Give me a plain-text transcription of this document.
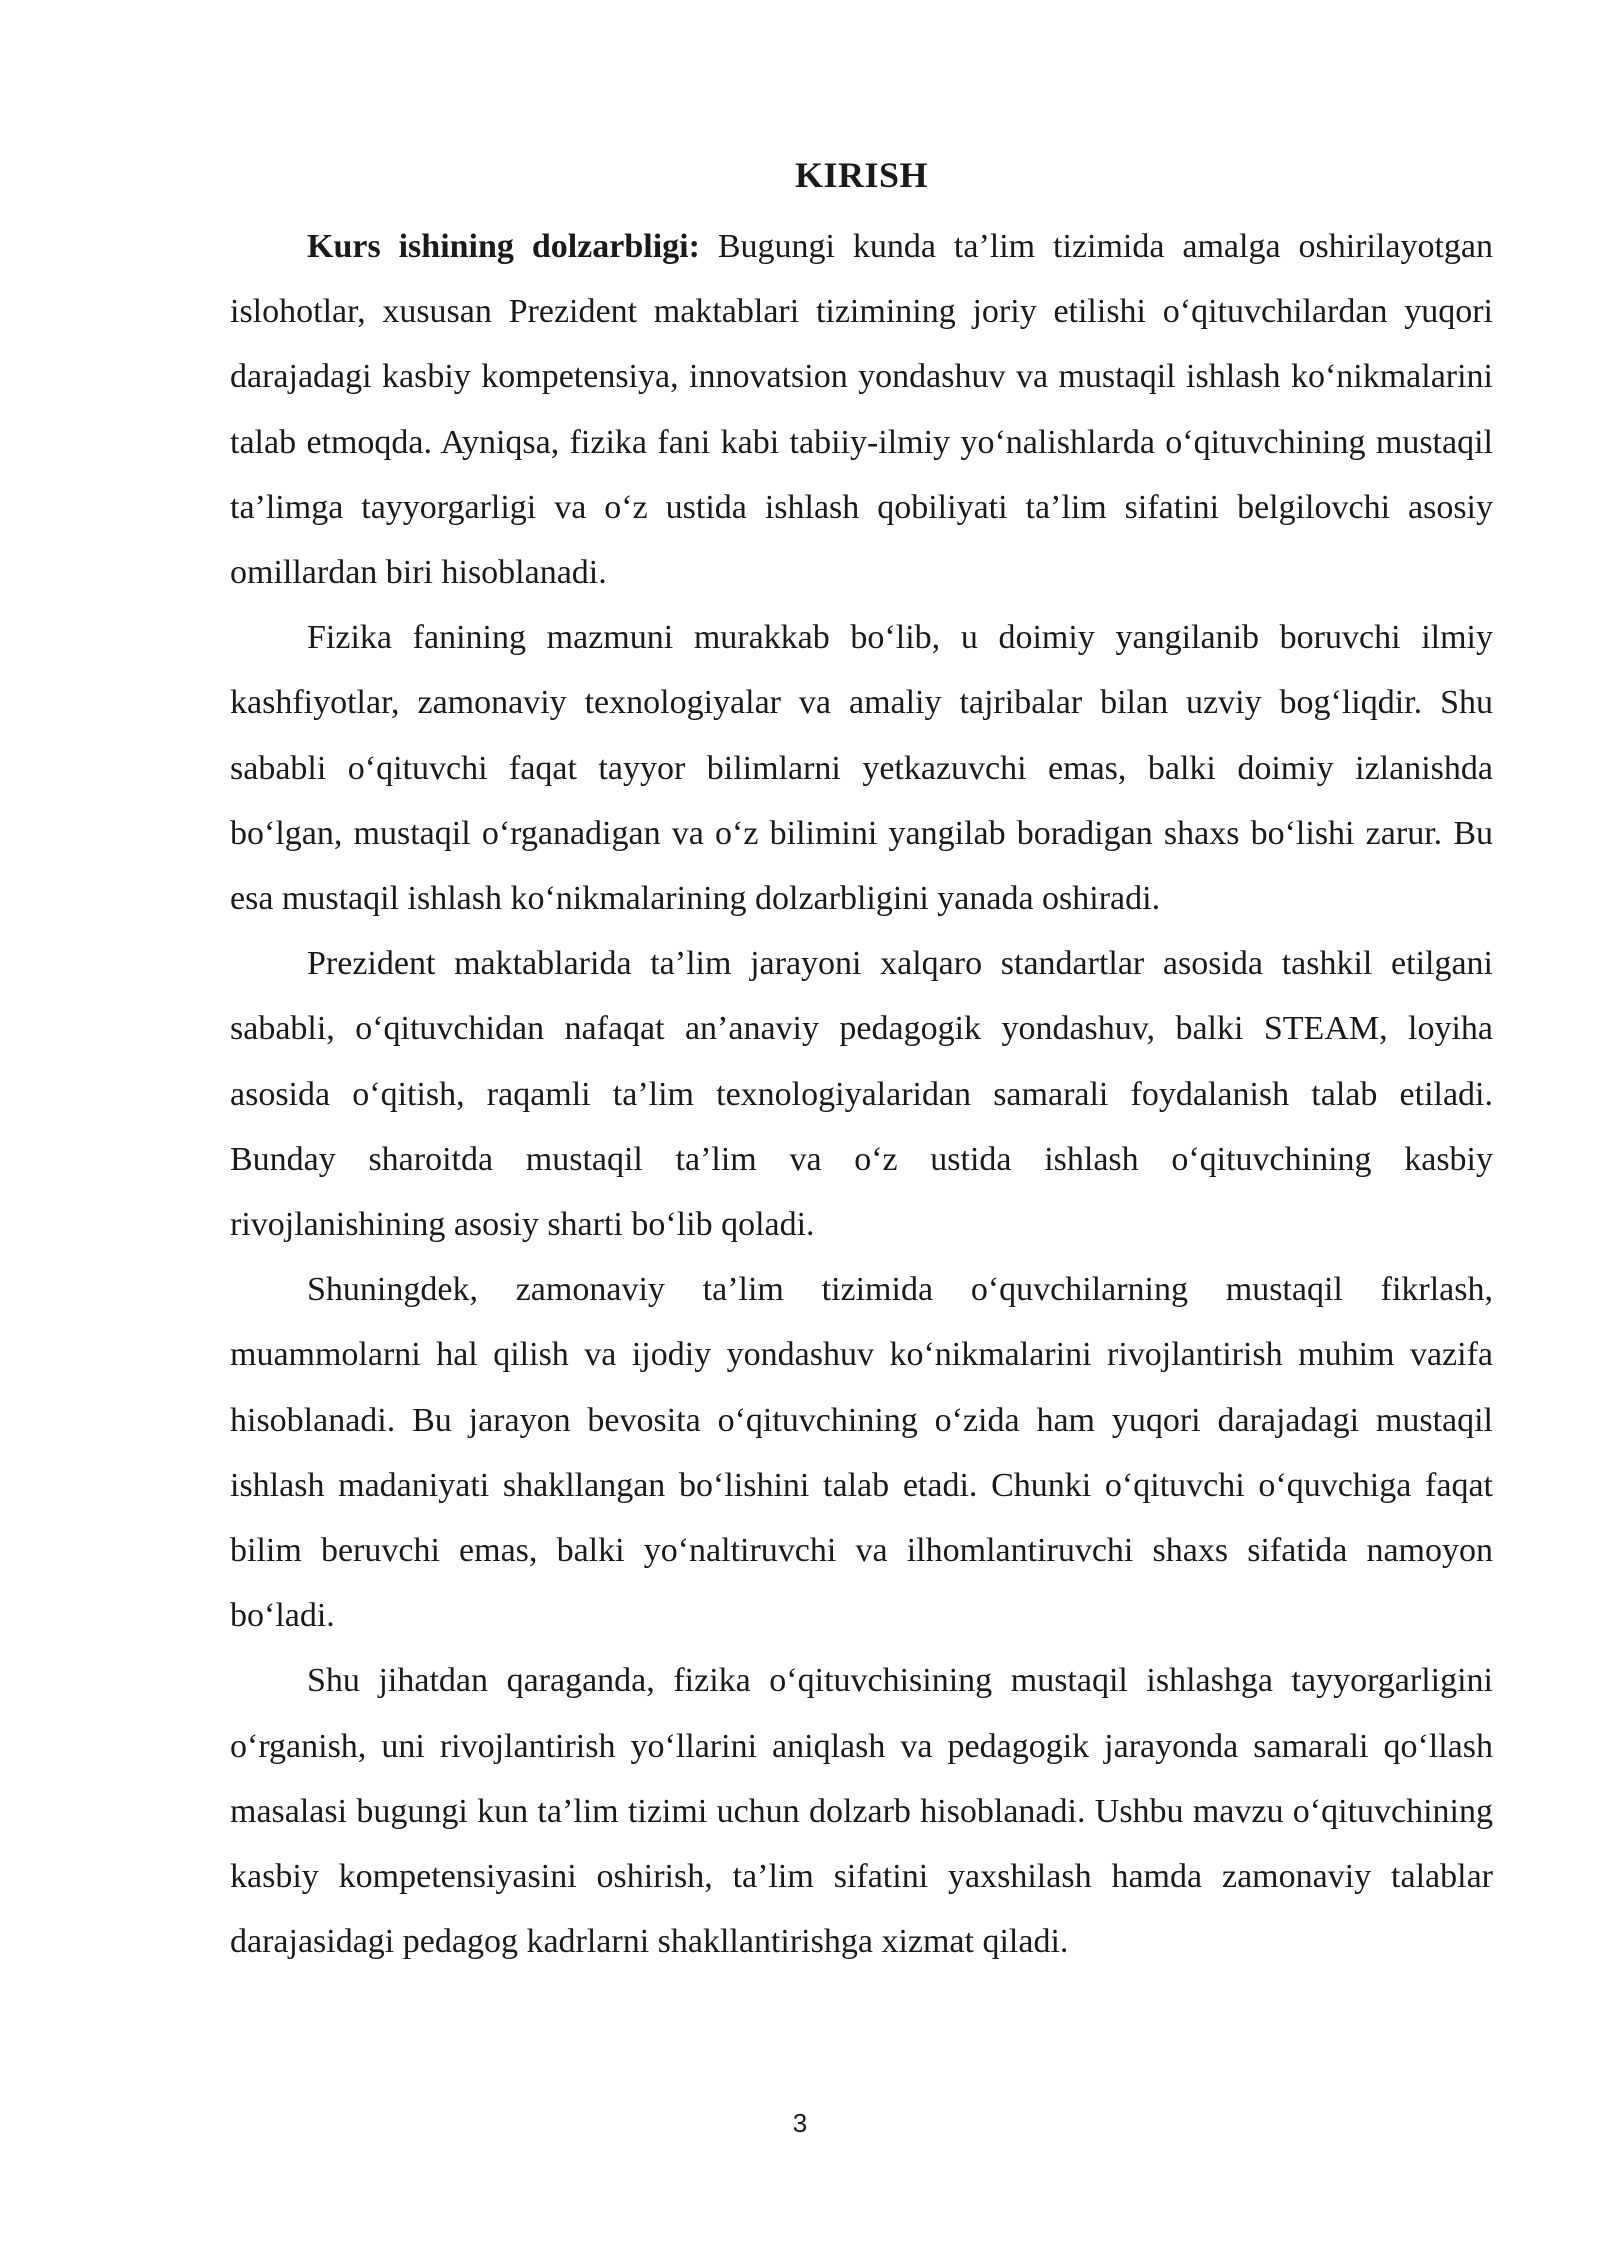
KIRISH

Kurs ishining dolzarbligi: Bugungi kunda ta’lim tizimida amalga oshirilayotgan islohotlar, xususan Prezident maktablari tizimining joriy etilishi o‘qituvchilardan yuqori darajadagi kasbiy kompetensiya, innovatsion yondashuv va mustaqil ishlash ko‘nikmalarini talab etmoqda. Ayniqsa, fizika fani kabi tabiiy-ilmiy yo‘nalishlarda o‘qituvchining mustaqil ta’limga tayyorgarligi va o‘z ustida ishlash qobiliyati ta’lim sifatini belgilovchi asosiy omillardan biri hisoblanadi.

Fizika fanining mazmuni murakkab bo‘lib, u doimiy yangilanib boruvchi ilmiy kashfiyotlar, zamonaviy texnologiyalar va amaliy tajribalar bilan uzviy bog‘liqdir. Shu sababli o‘qituvchi faqat tayyor bilimlarni yetkazuvchi emas, balki doimiy izlanishda bo‘lgan, mustaqil o‘rganadigan va o‘z bilimini yangilab boradigan shaxs bo‘lishi zarur. Bu esa mustaqil ishlash ko‘nikmalarining dolzarbligini yanada oshiradi.

Prezident maktablarida ta’lim jarayoni xalqaro standartlar asosida tashkil etilgani sababli, o‘qituvchidan nafaqat an’anaviy pedagogik yondashuv, balki STEAM, loyiha asosida o‘qitish, raqamli ta’lim texnologiyalaridan samarali foydalanish talab etiladi. Bunday sharoitda mustaqil ta’lim va o‘z ustida ishlash o‘qituvchining kasbiy rivojlanishining asosiy sharti bo‘lib qoladi.

Shuningdek, zamonaviy ta’lim tizimida o‘quvchilarning mustaqil fikrlash, muammolarni hal qilish va ijodiy yondashuv ko‘nikmalarini rivojlantirish muhim vazifa hisoblanadi. Bu jarayon bevosita o‘qituvchining o‘zida ham yuqori darajadagi mustaqil ishlash madaniyati shakllangan bo‘lishini talab etadi. Chunki o‘qituvchi o‘quvchiga faqat bilim beruvchi emas, balki yo‘naltiruvchi va ilhomlantiruvchi shaxs sifatida namoyon bo‘ladi.

Shu jihatdan qaraganda, fizika o‘qituvchisining mustaqil ishlashga tayyorgarligini o‘rganish, uni rivojlantirish yo‘llarini aniqlash va pedagogik jarayonda samarali qo‘llash masalasi bugungi kun ta’lim tizimi uchun dolzarb hisoblanadi. Ushbu mavzu o‘qituvchining kasbiy kompetensiyasini oshirish, ta’lim sifatini yaxshilash hamda zamonaviy talablar darajasidagi pedagog kadrlarni shakllantirishga xizmat qiladi.

3
